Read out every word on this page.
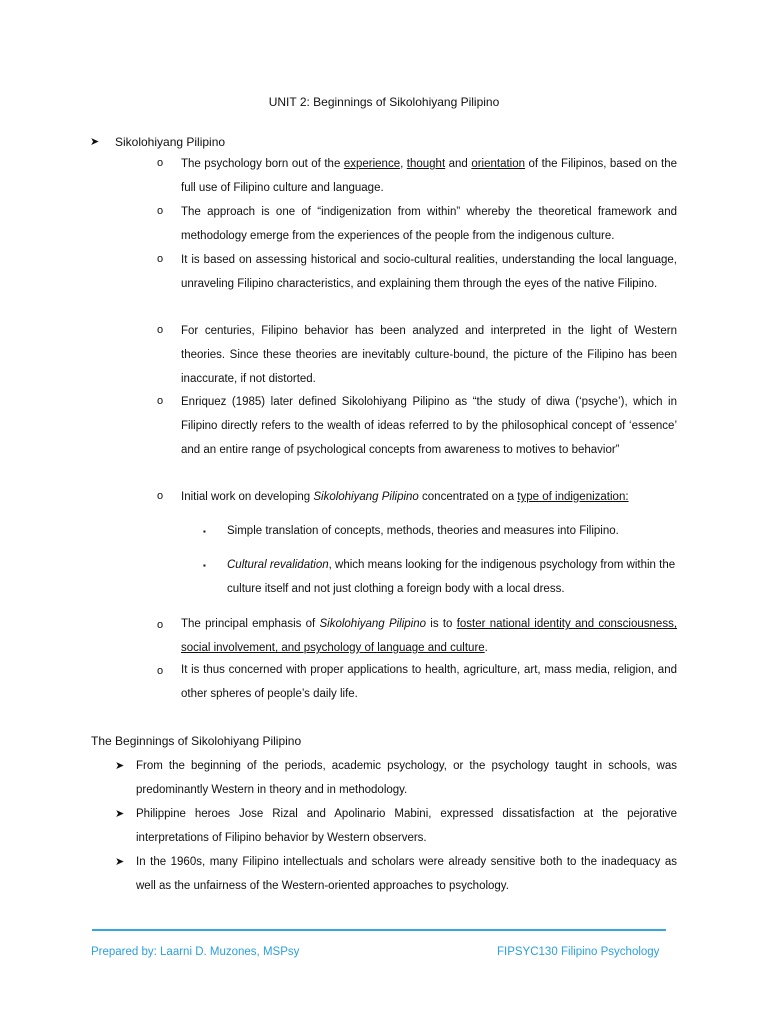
UNIT 2: Beginnings of Sikolohiyang Pilipino
➤ Sikolohiyang Pilipino
o The psychology born out of the experience, thought and orientation of the Filipinos, based on the full use of Filipino culture and language.
o The approach is one of “indigenization from within” whereby the theoretical framework and methodology emerge from the experiences of the people from the indigenous culture.
o It is based on assessing historical and socio-cultural realities, understanding the local language, unraveling Filipino characteristics, and explaining them through the eyes of the native Filipino.
o For centuries, Filipino behavior has been analyzed and interpreted in the light of Western theories. Since these theories are inevitably culture-bound, the picture of the Filipino has been inaccurate, if not distorted.
o Enriquez (1985) later defined Sikolohiyang Pilipino as “the study of diwa (‘psyche’), which in Filipino directly refers to the wealth of ideas referred to by the philosophical concept of ‘essence’ and an entire range of psychological concepts from awareness to motives to behavior”
o Initial work on developing Sikolohiyang Pilipino concentrated on a type of indigenization:
▪ Simple translation of concepts, methods, theories and measures into Filipino.
▪ Cultural revalidation, which means looking for the indigenous psychology from within the culture itself and not just clothing a foreign body with a local dress.
o The principal emphasis of Sikolohiyang Pilipino is to foster national identity and consciousness, social involvement, and psychology of language and culture.
o It is thus concerned with proper applications to health, agriculture, art, mass media, religion, and other spheres of people’s daily life.
The Beginnings of Sikolohiyang Pilipino
➤ From the beginning of the periods, academic psychology, or the psychology taught in schools, was predominantly Western in theory and in methodology.
➤ Philippine heroes Jose Rizal and Apolinario Mabini, expressed dissatisfaction at the pejorative interpretations of Filipino behavior by Western observers.
➤ In the 1960s, many Filipino intellectuals and scholars were already sensitive both to the inadequacy as well as the unfairness of the Western-oriented approaches to psychology.
Prepared by: Laarni D. Muzones, MSPsy	FIPSYC130 Filipino Psychology
